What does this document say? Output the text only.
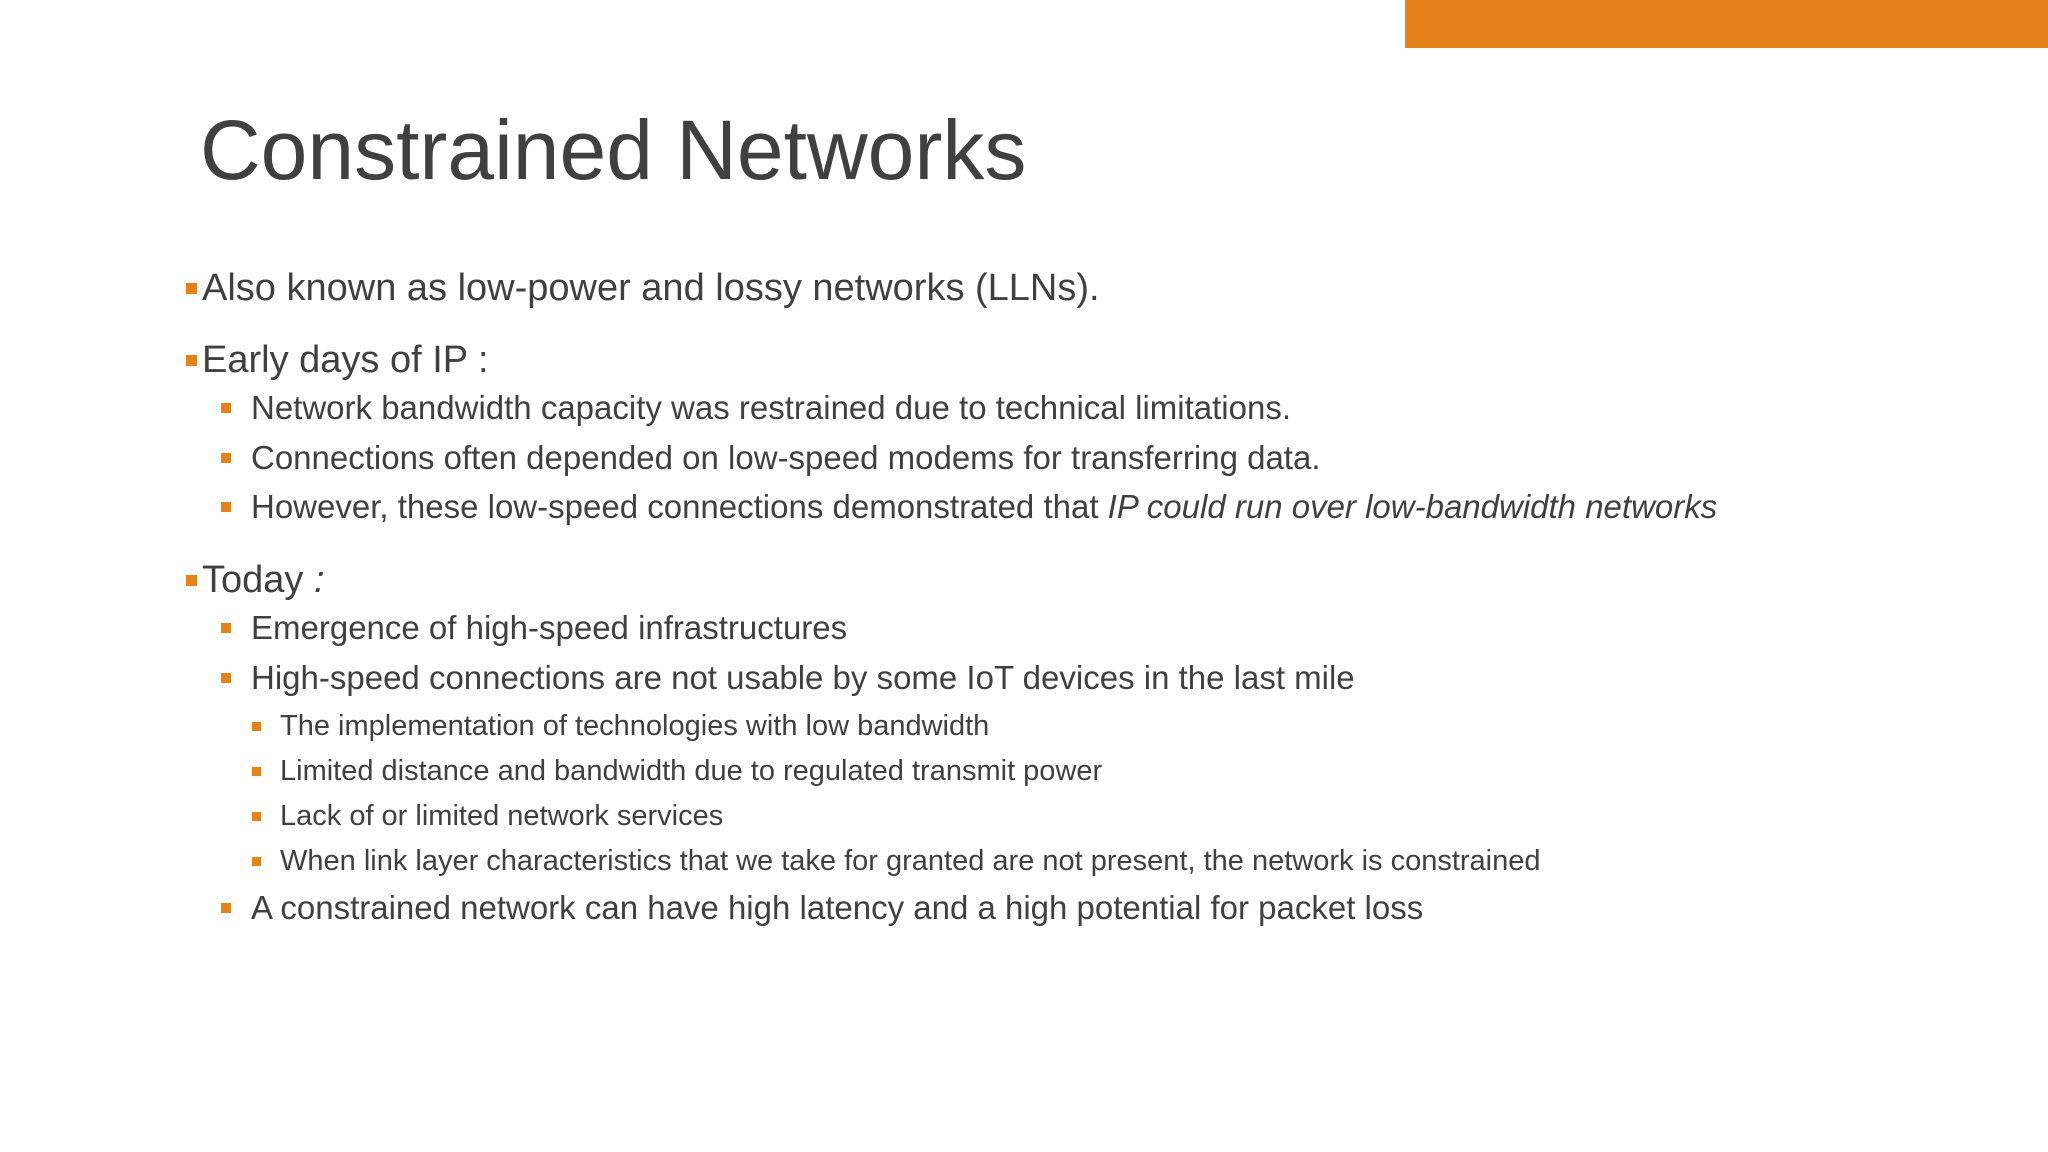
Constrained Networks
Also known as low-power and lossy networks (LLNs).
Early days of IP :
Network bandwidth capacity was restrained due to technical limitations.
Connections often depended on low-speed modems for transferring data.
However, these low-speed connections demonstrated that IP could run over low-bandwidth networks
Today :
Emergence of high-speed infrastructures
High-speed connections are not usable by some IoT devices in the last mile
The implementation of technologies with low bandwidth
Limited distance and bandwidth due to regulated transmit power
Lack of or limited network services
When link layer characteristics that we take for granted are not present, the network is constrained
A constrained network can have high latency and a high potential for packet loss
